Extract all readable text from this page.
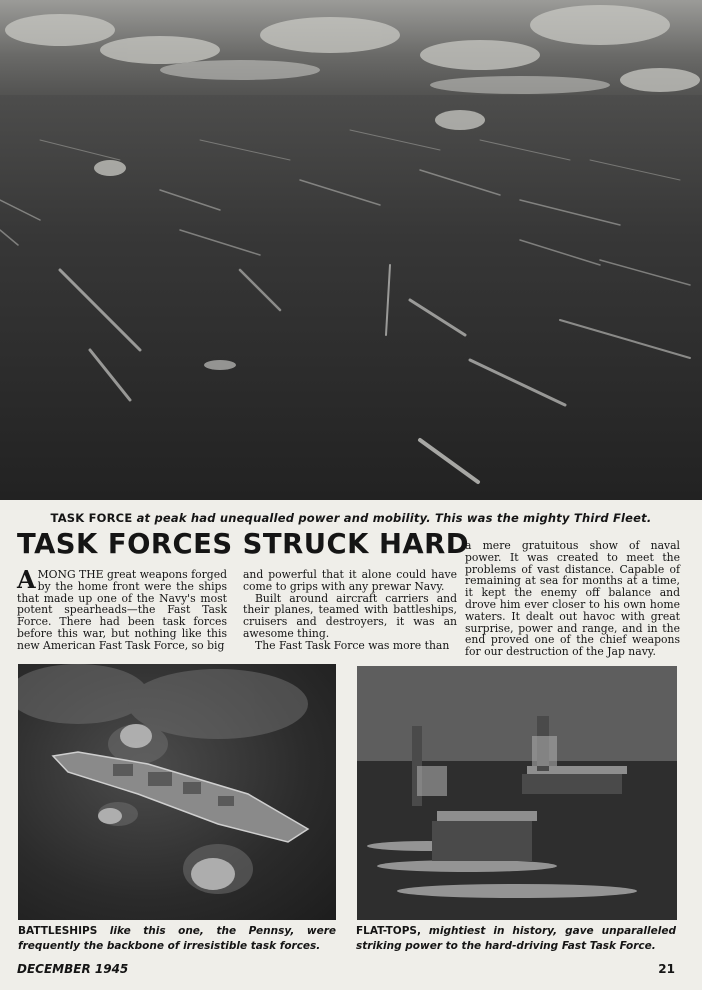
TASK FORCE at peak had unequalled power and mobility. This was the mighty Third Fleet.
TASK FORCES STRUCK HARD
AMONG THE great weapons forged by the home front were the ships that made up one of the Navy's most potent spearheads—the Fast Task Force. There had been task forces before this war, but nothing like this new American Fast Task Force, so big
and powerful that it alone could have come to grips with any prewar Navy.
Built around aircraft carriers and their planes, teamed with battleships, cruisers and destroyers, it was an awesome thing.
The Fast Task Force was more than
a mere gratuitous show of naval power. It was created to meet the problems of vast distance. Capable of remaining at sea for months at a time, it kept the enemy off balance and drove him ever closer to his own home waters. It dealt out havoc with great surprise, power and range, and in the end proved one of the chief weapons for our destruction of the Jap navy.
BATTLESHIPS like this one, the Pennsy, were frequently the backbone of irresistible task forces.
FLAT-TOPS, mightiest in history, gave unparalleled striking power to the hard-driving Fast Task Force.
DECEMBER 1945	21
